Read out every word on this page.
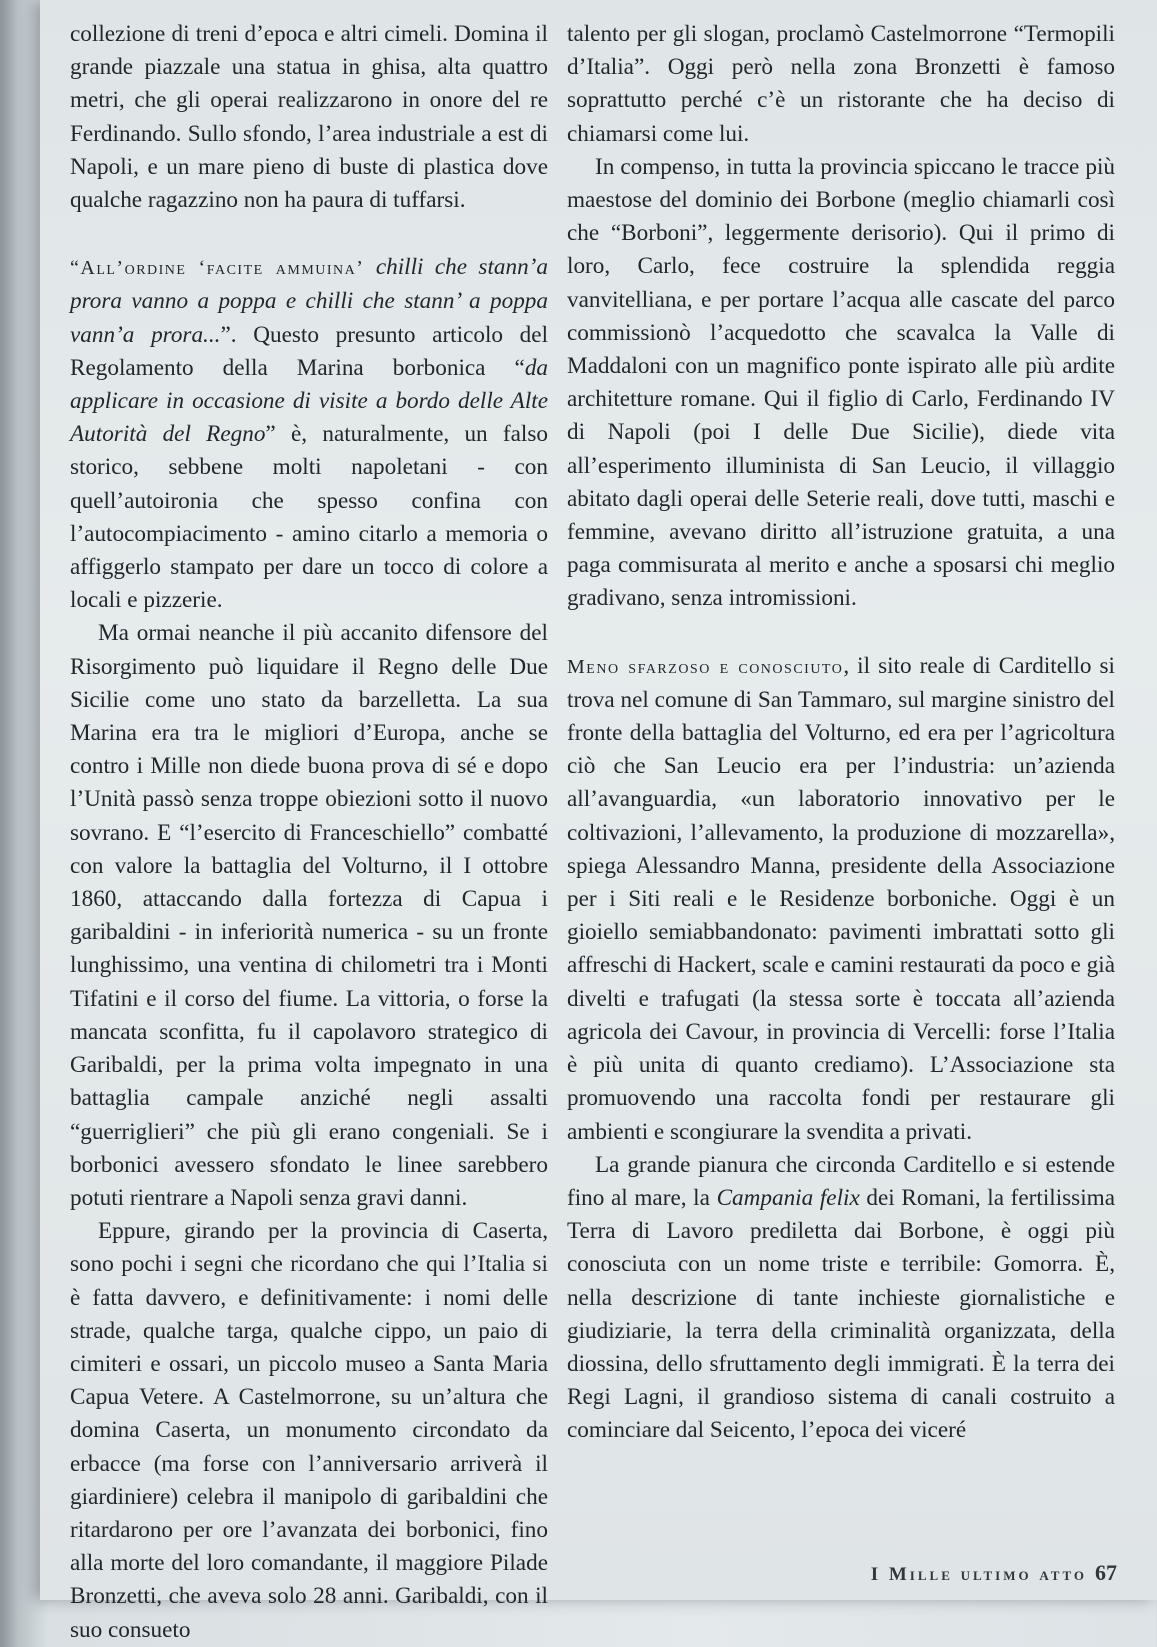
collezione di treni d’epoca e altri cimeli. Domina il grande piazzale una statua in ghisa, alta quattro metri, che gli operai realizzarono in onore del re Ferdinando. Sullo sfondo, l’area industriale a est di Napoli, e un mare pieno di buste di plastica dove qualche ragazzino non ha paura di tuffarsi.

“All’ordine ‘facite ammuina’ chilli che stann’a prora vanno a poppa e chilli che stann’ a poppa vann’a prora...”. Questo presunto articolo del Regolamento della Marina borbonica “da applicare in occasione di visite a bordo delle Alte Autorità del Regno” è, naturalmente, un falso storico, sebbene molti napoletani - con quell’autoironia che spesso confina con l’autocompiacimento - amino citarlo a memoria o affiggerlo stampato per dare un tocco di colore a locali e pizzerie.

Ma ormai neanche il più accanito difensore del Risorgimento può liquidare il Regno delle Due Sicilie come uno stato da barzelletta. La sua Marina era tra le migliori d’Europa, anche se contro i Mille non diede buona prova di sé e dopo l’Unità passò senza troppe obiezioni sotto il nuovo sovrano. E “l’esercito di Franceschiello” combatté con valore la battaglia del Volturno, il I ottobre 1860, attaccando dalla fortezza di Capua i garibaldini - in inferiorità numerica - su un fronte lunghissimo, una ventina di chilometri tra i Monti Tifatini e il corso del fiume. La vittoria, o forse la mancata sconfitta, fu il capolavoro strategico di Garibaldi, per la prima volta impegnato in una battaglia campale anziché negli assalti “guerriglieri” che più gli erano congeniali. Se i borbonici avessero sfondato le linee sarebbero potuti rientrare a Napoli senza gravi danni.

Eppure, girando per la provincia di Caserta, sono pochi i segni che ricordano che qui l’Italia si è fatta davvero, e definitivamente: i nomi delle strade, qualche targa, qualche cippo, un paio di cimiteri e ossari, un piccolo museo a Santa Maria Capua Vetere. A Castelmorrone, su un’altura che domina Caserta, un monumento circondato da erbacce (ma forse con l’anniversario arriverà il giardiniere) celebra il manipolo di garibaldini che ritardarono per ore l’avanzata dei borbonici, fino alla morte del loro comandante, il maggiore Pilade Bronzetti, che aveva solo 28 anni. Garibaldi, con il suo consueto

talento per gli slogan, proclamò Castelmorrone “Termopili d’Italia”. Oggi però nella zona Bronzetti è famoso soprattutto perché c’è un ristorante che ha deciso di chiamarsi come lui.

In compenso, in tutta la provincia spiccano le tracce più maestose del dominio dei Borbone (meglio chiamarli così che “Borboni”, leggermente derisorio). Qui il primo di loro, Carlo, fece costruire la splendida reggia vanvitelliana, e per portare l’acqua alle cascate del parco commissionò l’acquedotto che scavalca la Valle di Maddaloni con un magnifico ponte ispirato alle più ardite architetture romane. Qui il figlio di Carlo, Ferdinando IV di Napoli (poi I delle Due Sicilie), diede vita all’esperimento illuminista di San Leucio, il villaggio abitato dagli operai delle Seterie reali, dove tutti, maschi e femmine, avevano diritto all’istruzione gratuita, a una paga commisurata al merito e anche a sposarsi chi meglio gradivano, senza intromissioni.

Meno sfarzoso e conosciuto, il sito reale di Carditello si trova nel comune di San Tammaro, sul margine sinistro del fronte della battaglia del Volturno, ed era per l’agricoltura ciò che San Leucio era per l’industria: un’azienda all’avanguardia, «un laboratorio innovativo per le coltivazioni, l’allevamento, la produzione di mozzarella», spiega Alessandro Manna, presidente della Associazione per i Siti reali e le Residenze borboniche. Oggi è un gioiello semiabbandonato: pavimenti imbrattati sotto gli affreschi di Hackert, scale e camini restaurati da poco e già divelti e trafugati (la stessa sorte è toccata all’azienda agricola dei Cavour, in provincia di Vercelli: forse l’Italia è più unita di quanto crediamo). L’Associazione sta promuovendo una raccolta fondi per restaurare gli ambienti e scongiurare la svendita a privati.

La grande pianura che circonda Carditello e si estende fino al mare, la Campania felix dei Romani, la fertilissima Terra di Lavoro prediletta dai Borbone, è oggi più conosciuta con un nome triste e terribile: Gomorra. È, nella descrizione di tante inchieste giornalistiche e giudiziarie, la terra della criminalità organizzata, della diossina, dello sfruttamento degli immigrati. È la terra dei Regi Lagni, il grandioso sistema di canali costruito a cominciare dal Seicento, l’epoca dei viceré

I Mille ultimo atto 67
